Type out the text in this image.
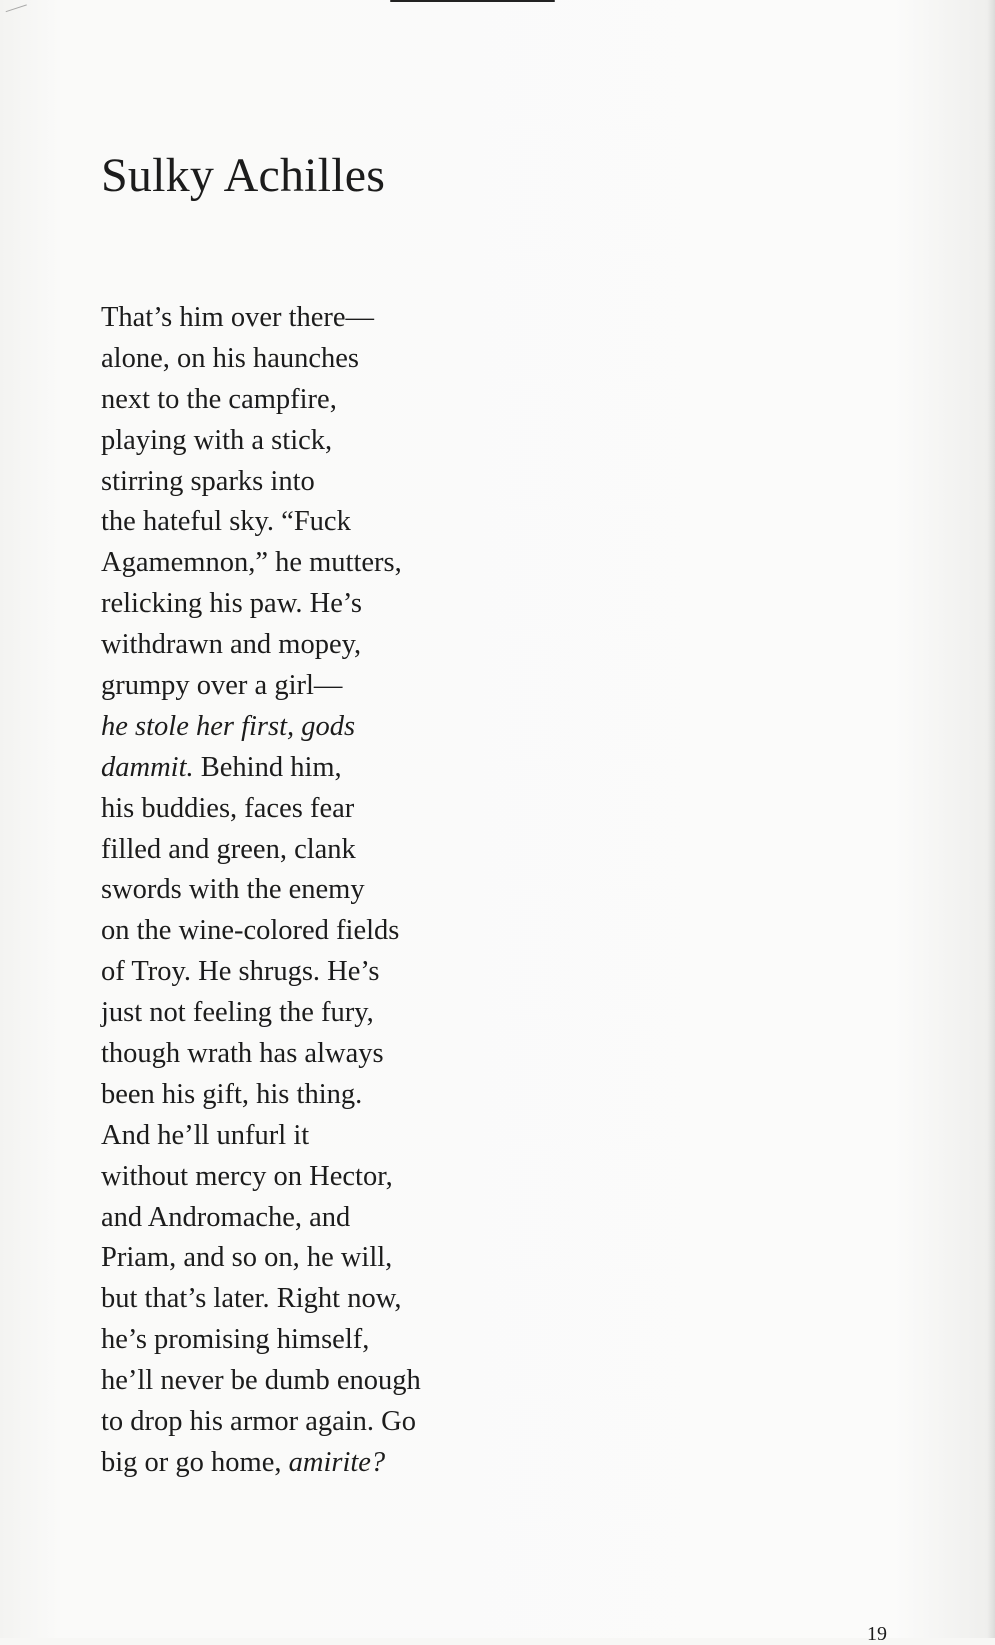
Sulky Achilles
That’s him over there—
alone, on his haunches
next to the campfire,
playing with a stick,
stirring sparks into
the hateful sky. “Fuck
Agamemnon,” he mutters,
relicking his paw. He’s
withdrawn and mopey,
grumpy over a girl—
he stole her first, gods
dammit. Behind him,
his buddies, faces fear
filled and green, clank
swords with the enemy
on the wine-colored fields
of Troy. He shrugs. He’s
just not feeling the fury,
though wrath has always
been his gift, his thing.
And he’ll unfurl it
without mercy on Hector,
and Andromache, and
Priam, and so on, he will,
but that’s later. Right now,
he’s promising himself,
he’ll never be dumb enough
to drop his armor again. Go
big or go home, amirite?
19
